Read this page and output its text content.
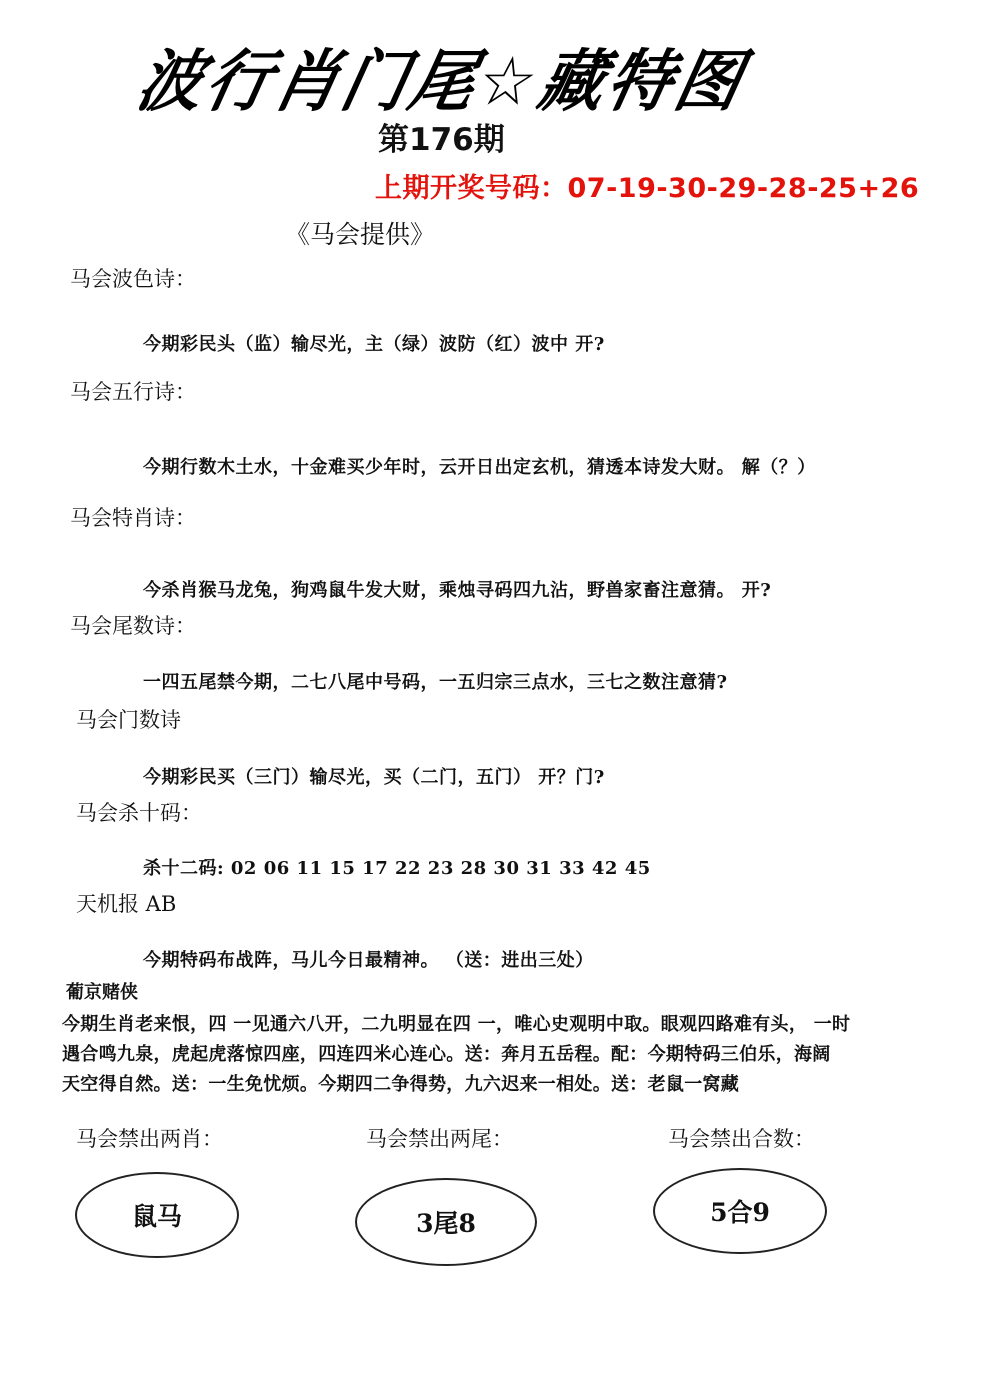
波行肖门尾☆藏特图
第176期
上期开奖号码：07-19-30-29-28-25+26
《马会提供》
马会波色诗：
今期彩民头（监）输尽光，主（绿）波防（红）波中 开?
马会五行诗：
今期行数木土水，十金难买少年时，云开日出定玄机，猜透本诗发大财。 解（？）
马会特肖诗：
今杀肖猴马龙兔，狗鸡鼠牛发大财，乘烛寻码四九沾，野兽家畜注意猜。 开?
马会尾数诗：
一四五尾禁今期，二七八尾中号码，一五归宗三点水，三七之数注意猜?
马会门数诗
今期彩民买（三门）输尽光，买（二门，五门） 开？门?
马会杀十码：
杀十二码: 02 06 11 15 17 22 23 28 30 31 33 42 45
天机报 AB
今期特码布战阵，马儿今日最精神。 （送：进出三处）
葡京赌侠
今期生肖老来恨，四 一见通六八开，二九明显在四 一，唯心史观明中取。眼观四路难有头， 一时
遇合鸣九泉，虎起虎落惊四座，四连四米心连心。送：奔月五岳程。配：今期特码三伯乐，海阔
天空得自然。送：一生免忧烦。今期四二争得势，九六迟来一相处。送：老鼠一窝藏
马会禁出两肖：	马会禁出两尾：	马会禁出合数：
鼠马	3尾8	5合9
